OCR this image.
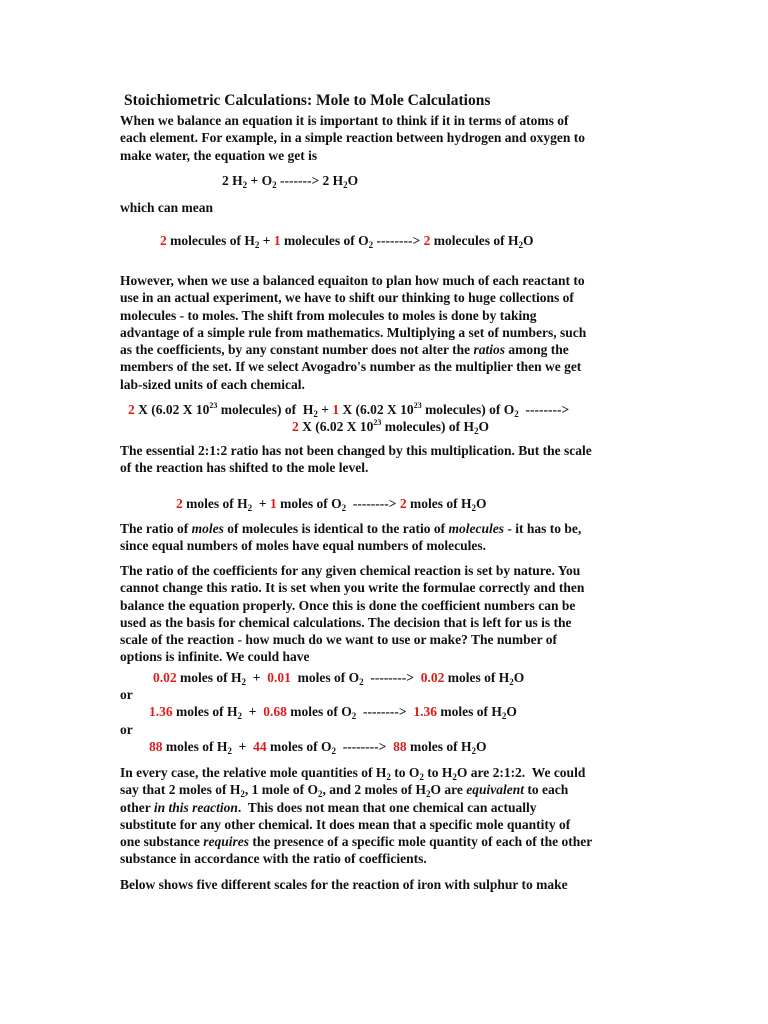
Stoichiometric Calculations: Mole to Mole Calculations

When we balance an equation it is important to think if it in terms of atoms of
each element. For example, in a simple reaction between hydrogen and oxygen to
make water, the equation we get is
2 $H_2 + O_2$ -------> 2 $H_2O$
which can mean
2 molecules of $H_2 + 1$ molecules of $O_2$ --------> 2 molecules of $H_2O$
However, when we use a balanced equaiton to plan how much of each reactant to
use in an actual experiment, we have to shift our thinking to huge collections of
molecules - to moles. The shift from molecules to moles is done by taking
advantage of a simple rule from mathematics. Multiplying a set of numbers, such
as the coefficients, by any constant number does not alter the ratios among the
members of the set. If we select Avogadro's number as the multiplier then we get
lab-sized units of each chemical.
2 X (6.02 X $10^{23}$ molecules) of  $H_2 + 1$ X (6.02 X $10^{23}$ molecules) of $O_2$  -------->
2 X (6.02 X $10^{23}$ molecules) of $H_2O$
The essential 2:1:2 ratio has not been changed by this multiplication. But the scale
of the reaction has shifted to the mole level.
2 moles of $H_2 + 1$ moles of $O_2$  --------> 2 moles of $H_2O$
The ratio of moles of molecules is identical to the ratio of molecules - it has to be,
since equal numbers of moles have equal numbers of molecules.
The ratio of the coefficients for any given chemical reaction is set by nature. You
cannot change this ratio. It is set when you write the formulae correctly and then
balance the equation properly. Once this is done the coefficient numbers can be
used as the basis for chemical calculations. The decision that is left for us is the
scale of the reaction - how much do we want to use or make? The number of
options is infinite. We could have
0.02 moles of $H_2 + 0.01$  moles of $O_2$  -------->  0.02 moles of $H_2O$
or
1.36 moles of $H_2 + 0.68$ moles of $O_2$  -------->  1.36 moles of $H_2O$
or
88 moles of $H_2 + 44$ moles of $O_2$  -------->  88 moles of $H_2O$
In every case, the relative mole quantities of $H_2$ to $O_2$ to $H_2O$ are 2:1:2.  We could
say that 2 moles of $H_2$, 1 mole of $O_2$, and 2 moles of $H_2O$ are equivalent to each
other in this reaction.  This does not mean that one chemical can actually
substitute for any other chemical. It does mean that a specific mole quantity of
one substance requires the presence of a specific mole quantity of each of the other
substance in accordance with the ratio of coefficients.
Below shows five different scales for the reaction of iron with sulphur to make
